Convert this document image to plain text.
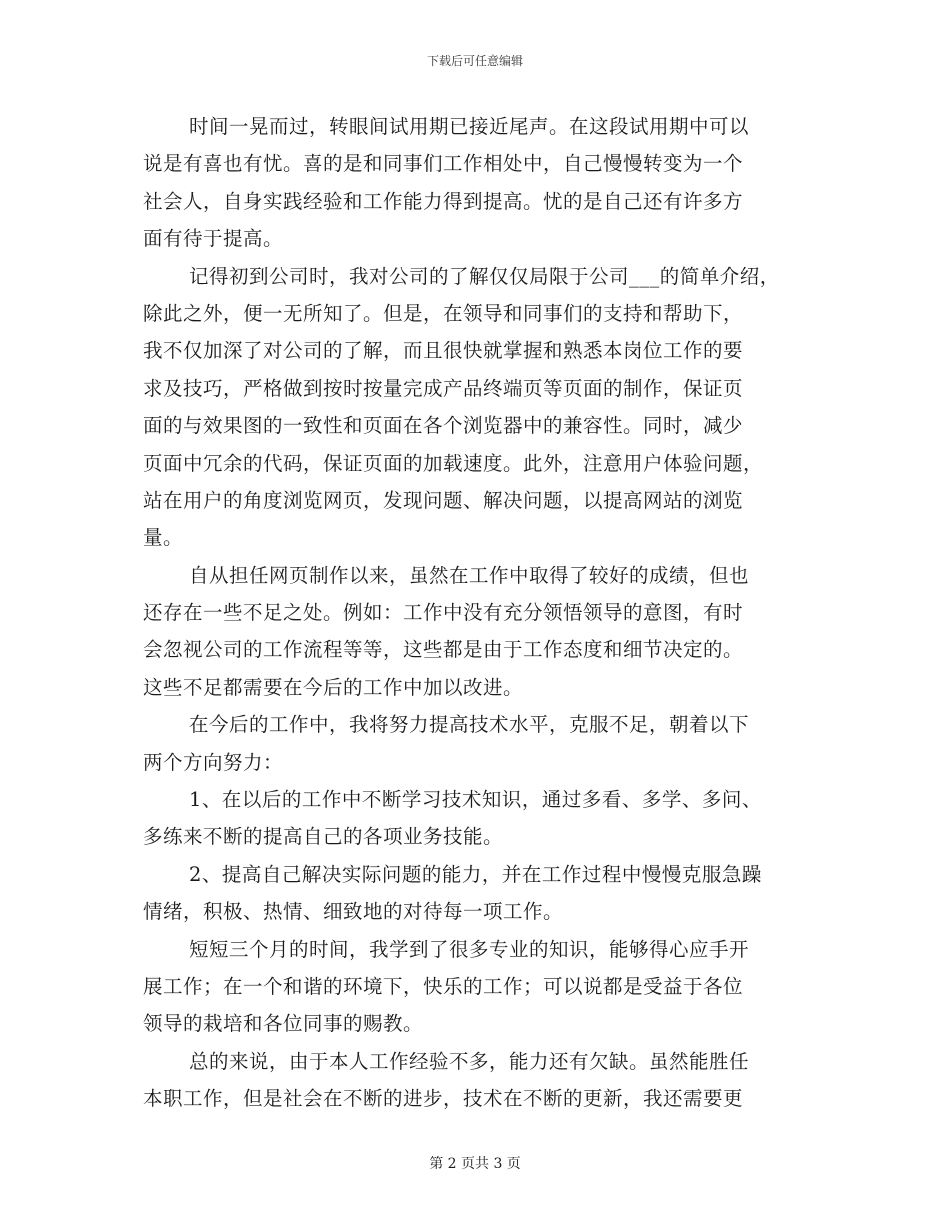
下载后可任意编辑
时间一晃而过，转眼间试用期已接近尾声。在这段试用期中可以
说是有喜也有忧。喜的是和同事们工作相处中，自己慢慢转变为一个
社会人，自身实践经验和工作能力得到提高。忧的是自己还有许多方
面有待于提高。
记得初到公司时，我对公司的了解仅仅局限于公司___的简单介绍，
除此之外，便一无所知了。但是，在领导和同事们的支持和帮助下，
我不仅加深了对公司的了解，而且很快就掌握和熟悉本岗位工作的要
求及技巧，严格做到按时按量完成产品终端页等页面的制作，保证页
面的与效果图的一致性和页面在各个浏览器中的兼容性。同时，减少
页面中冗余的代码，保证页面的加载速度。此外，注意用户体验问题，
站在用户的角度浏览网页，发现问题、解决问题，以提高网站的浏览
量。
自从担任网页制作以来，虽然在工作中取得了较好的成绩，但也
还存在一些不足之处。例如：工作中没有充分领悟领导的意图，有时
会忽视公司的工作流程等等，这些都是由于工作态度和细节决定的。
这些不足都需要在今后的工作中加以改进。
在今后的工作中，我将努力提高技术水平，克服不足，朝着以下
两个方向努力：
1、在以后的工作中不断学习技术知识，通过多看、多学、多问、
多练来不断的提高自己的各项业务技能。
2、提高自己解决实际问题的能力，并在工作过程中慢慢克服急躁
情绪，积极、热情、细致地的对待每一项工作。
短短三个月的时间，我学到了很多专业的知识，能够得心应手开
展工作；在一个和谐的环境下，快乐的工作；可以说都是受益于各位
领导的栽培和各位同事的赐教。
总的来说，由于本人工作经验不多，能力还有欠缺。虽然能胜任
本职工作，但是社会在不断的进步，技术在不断的更新，我还需要更
第 2 页共 3 页
